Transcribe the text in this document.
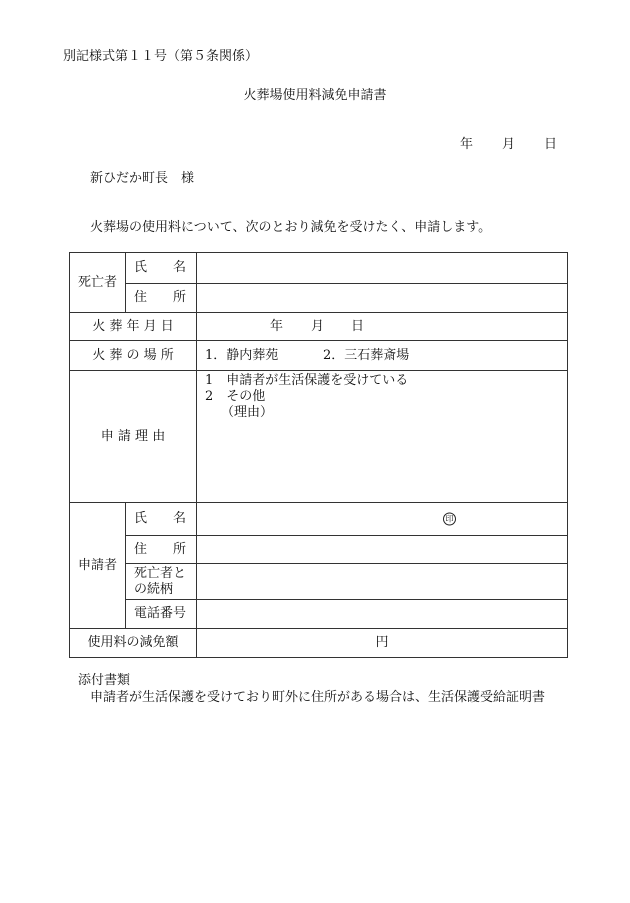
別記様式第１１号（第５条関係）
火葬場使用料減免申請書
年 月 日
新ひだか町長　様
火葬場の使用料について、次のとおり減免を受けたく、申請します。
死亡者	氏　　名	
	住　　所	
火 葬 年 月 日		年 月 日
火 葬 の 場 所		1．静内葬苑 2．三石葬斎場
申 請 理 由		1　申請者が生活保護を受けている
2　その他
（理由）

申請者	氏　　名	印

	住　　所	

	死亡者と
の続柄	

	電話番号	
使用料の減免額		円
添付書類
申請者が生活保護を受けており町外に住所がある場合は、生活保護受給証明書
